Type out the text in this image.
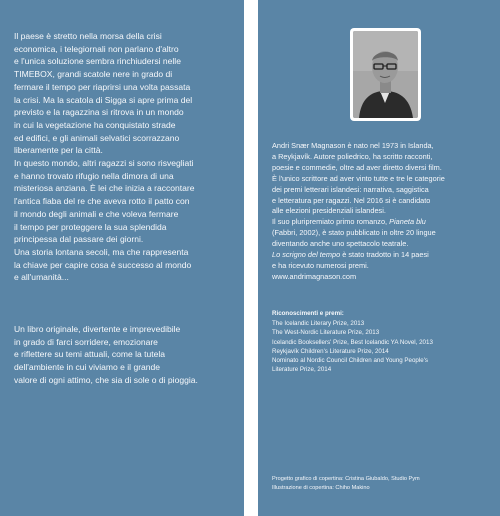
Il paese è stretto nella morsa della crisi
economica, i telegiornali non parlano d'altro
e l'unica soluzione sembra rinchiudersi nelle
TIMEBOX, grandi scatole nere in grado di
fermare il tempo per riaprirsi una volta passata
la crisi. Ma la scatola di Sigga si apre prima del
previsto e la ragazzina si ritrova in un mondo
in cui la vegetazione ha conquistato strade
ed edifici, e gli animali selvatici scorrazzano
liberamente per la città.
In questo mondo, altri ragazzi si sono risvegliati
e hanno trovato rifugio nella dimora di una
misteriosa anziana. È lei che inizia a raccontare
l'antica fiaba del re che aveva rotto il patto con
il mondo degli animali e che voleva fermare
il tempo per proteggere la sua splendida
principessa dal passare dei giorni.
Una storia lontana secoli, ma che rappresenta
la chiave per capire cosa è successo al mondo
e all'umanità...

Un libro originale, divertente e imprevedibile
in grado di farci sorridere, emozionare
e riflettere su temi attuali, come la tutela
dell'ambiente in cui viviamo e il grande
valore di ogni attimo, che sia di sole o di pioggia.

Andri Snær Magnason è nato nel 1973 in Islanda,
a Reykjavík. Autore poliedrico, ha scritto racconti,
poesie e commedie, oltre ad aver diretto diversi film.
È l'unico scrittore ad aver vinto tutte e tre le categorie
dei premi letterari islandesi: narrativa, saggistica
e letteratura per ragazzi. Nel 2016 si è candidato
alle elezioni presidenziali islandesi.
Il suo pluripremiato primo romanzo, Pianeta blu
(Fabbri, 2002), è stato pubblicato in oltre 20 lingue
diventando anche uno spettacolo teatrale.
Lo scrigno del tempo è stato tradotto in 14 paesi
e ha ricevuto numerosi premi.
www.andrimagnason.com

Riconoscimenti e premi:
The Icelandic Literary Prize, 2013
The West-Nordic Literature Prize, 2013
Icelandic Booksellers' Prize, Best Icelandic YA Novel, 2013
Reykjavík Children's Literature Prize, 2014
Nominato al Nordic Council Children and Young People's
Literature Prize, 2014

Progetto grafico di copertina: Cristina Giubaldo, Studio Pym
Illustrazione di copertina: Chiho Makino
